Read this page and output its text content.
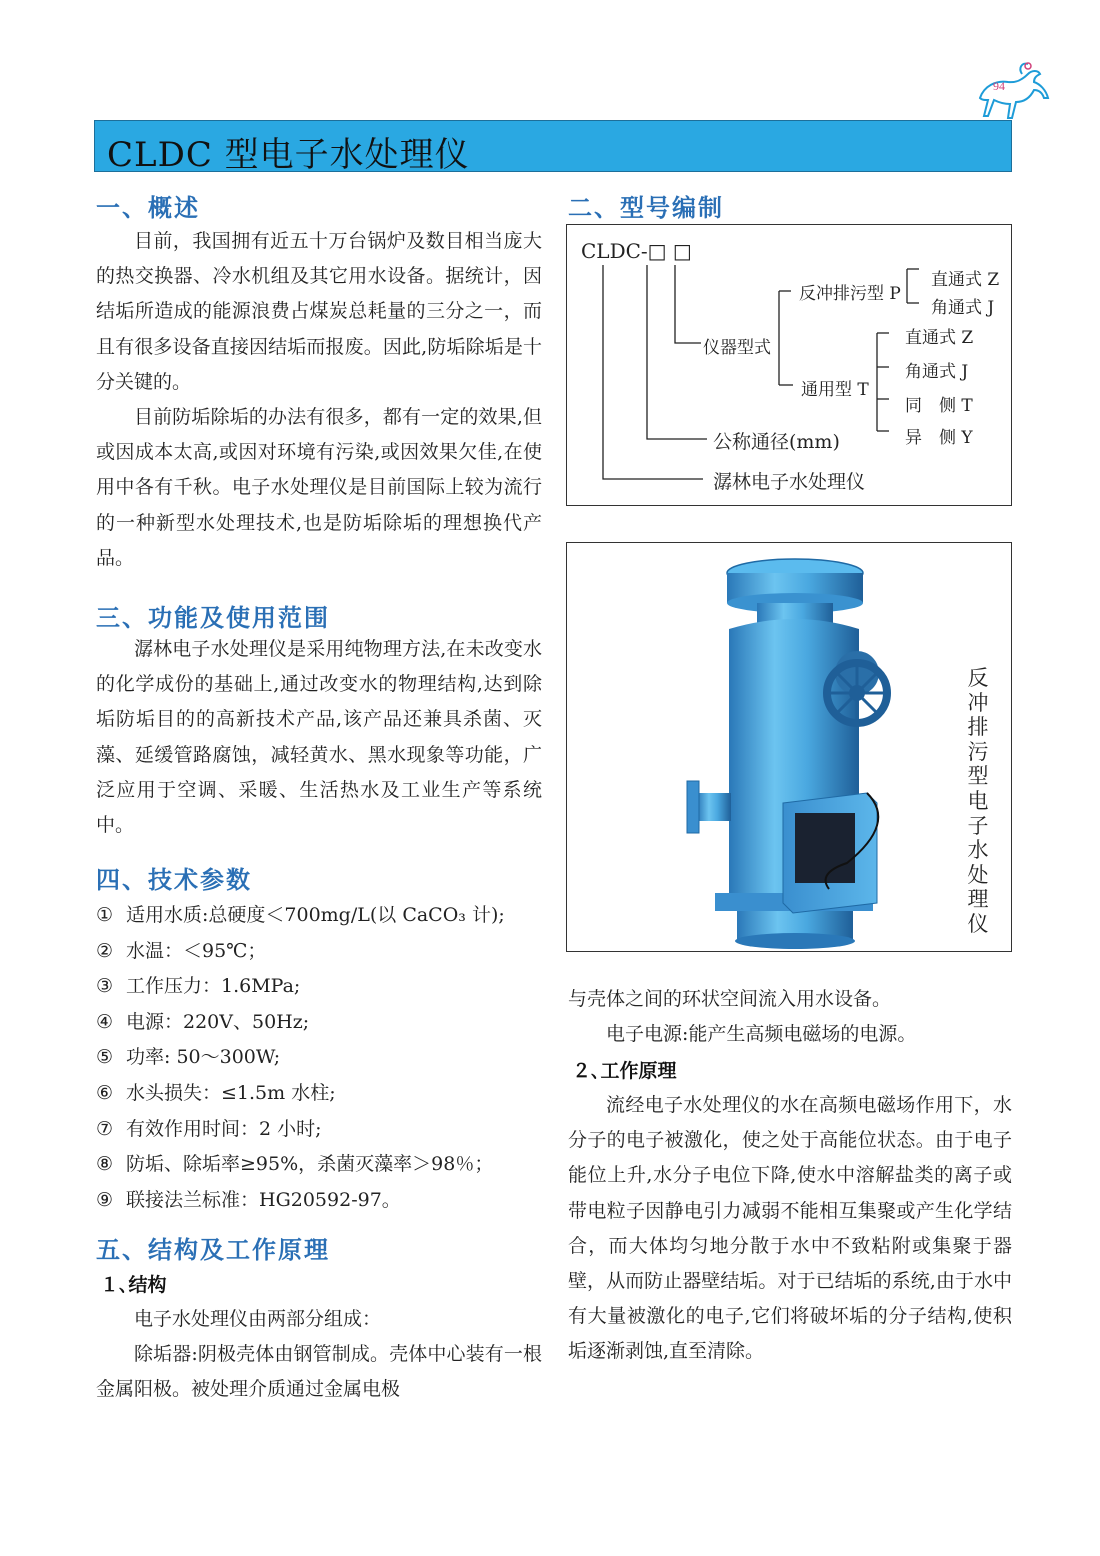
94
CLDC 型电子水处理仪
一、概述

目前，我国拥有近五十万台锅炉及数目相当庞大的热交换器、冷水机组及其它用水设备。据统计，因结垢所造成的能源浪费占煤炭总耗量的三分之一，而且有很多设备直接因结垢而报废。因此,防垢除垢是十分关键的。

目前防垢除垢的办法有很多，都有一定的效果,但或因成本太高,或因对环境有污染,或因效果欠佳,在使用中各有千秋。电子水处理仪是目前国际上较为流行的一种新型水处理技术,也是防垢除垢的理想换代产品。

三、功能及使用范围

潺林电子水处理仪是采用纯物理方法,在未改变水的化学成份的基础上,通过改变水的物理结构,达到除垢防垢目的的高新技术产品,该产品还兼具杀菌、灭藻、延缓管路腐蚀，减轻黄水、黑水现象等功能，广泛应用于空调、采暖、生活热水及工业生产等系统中。

四、技术参数
① 适用水质:总硬度＜700mg/L(以 CaCO₃ 计);
② 水温：＜95℃；
③ 工作压力：1.6MPa;
④ 电源：220V、50Hz;
⑤ 功率: 50～300W;
⑥ 水头损失：≤1.5m 水柱;
⑦ 有效作用时间：2 小时;
⑧ 防垢、除垢率≥95%，杀菌灭藻率＞98％；
⑨ 联接法兰标准：HG20592-97。
五、结构及工作原理
１､结构

电子水处理仪由两部分组成：

除垢器:阴极壳体由钢管制成。壳体中心装有一根金属阳极。被处理介质通过金属电极

二、型号编制
CLDC-□ □
反冲排污型 P
直通式 Z
角通式 J
仪器型式	直通式 Z
角通式 J
通用型 T
同　侧 T
异　侧 Y
公称通径(mm)
潺林电子水处理仪
反冲排污型电子水处理仪

与壳体之间的环状空间流入用水设备。

电子电源:能产生高频电磁场的电源。

２､工作原理

流经电子水处理仪的水在高频电磁场作用下，水分子的电子被激化，使之处于高能位状态。由于电子能位上升,水分子电位下降,使水中溶解盐类的离子或带电粒子因静电引力减弱不能相互集聚或产生化学结合，而大体均匀地分散于水中不致粘附或集聚于器壁，从而防止器壁结垢。对于已结垢的系统,由于水中有大量被激化的电子,它们将破坏垢的分子结构,使积垢逐渐剥蚀,直至清除。
